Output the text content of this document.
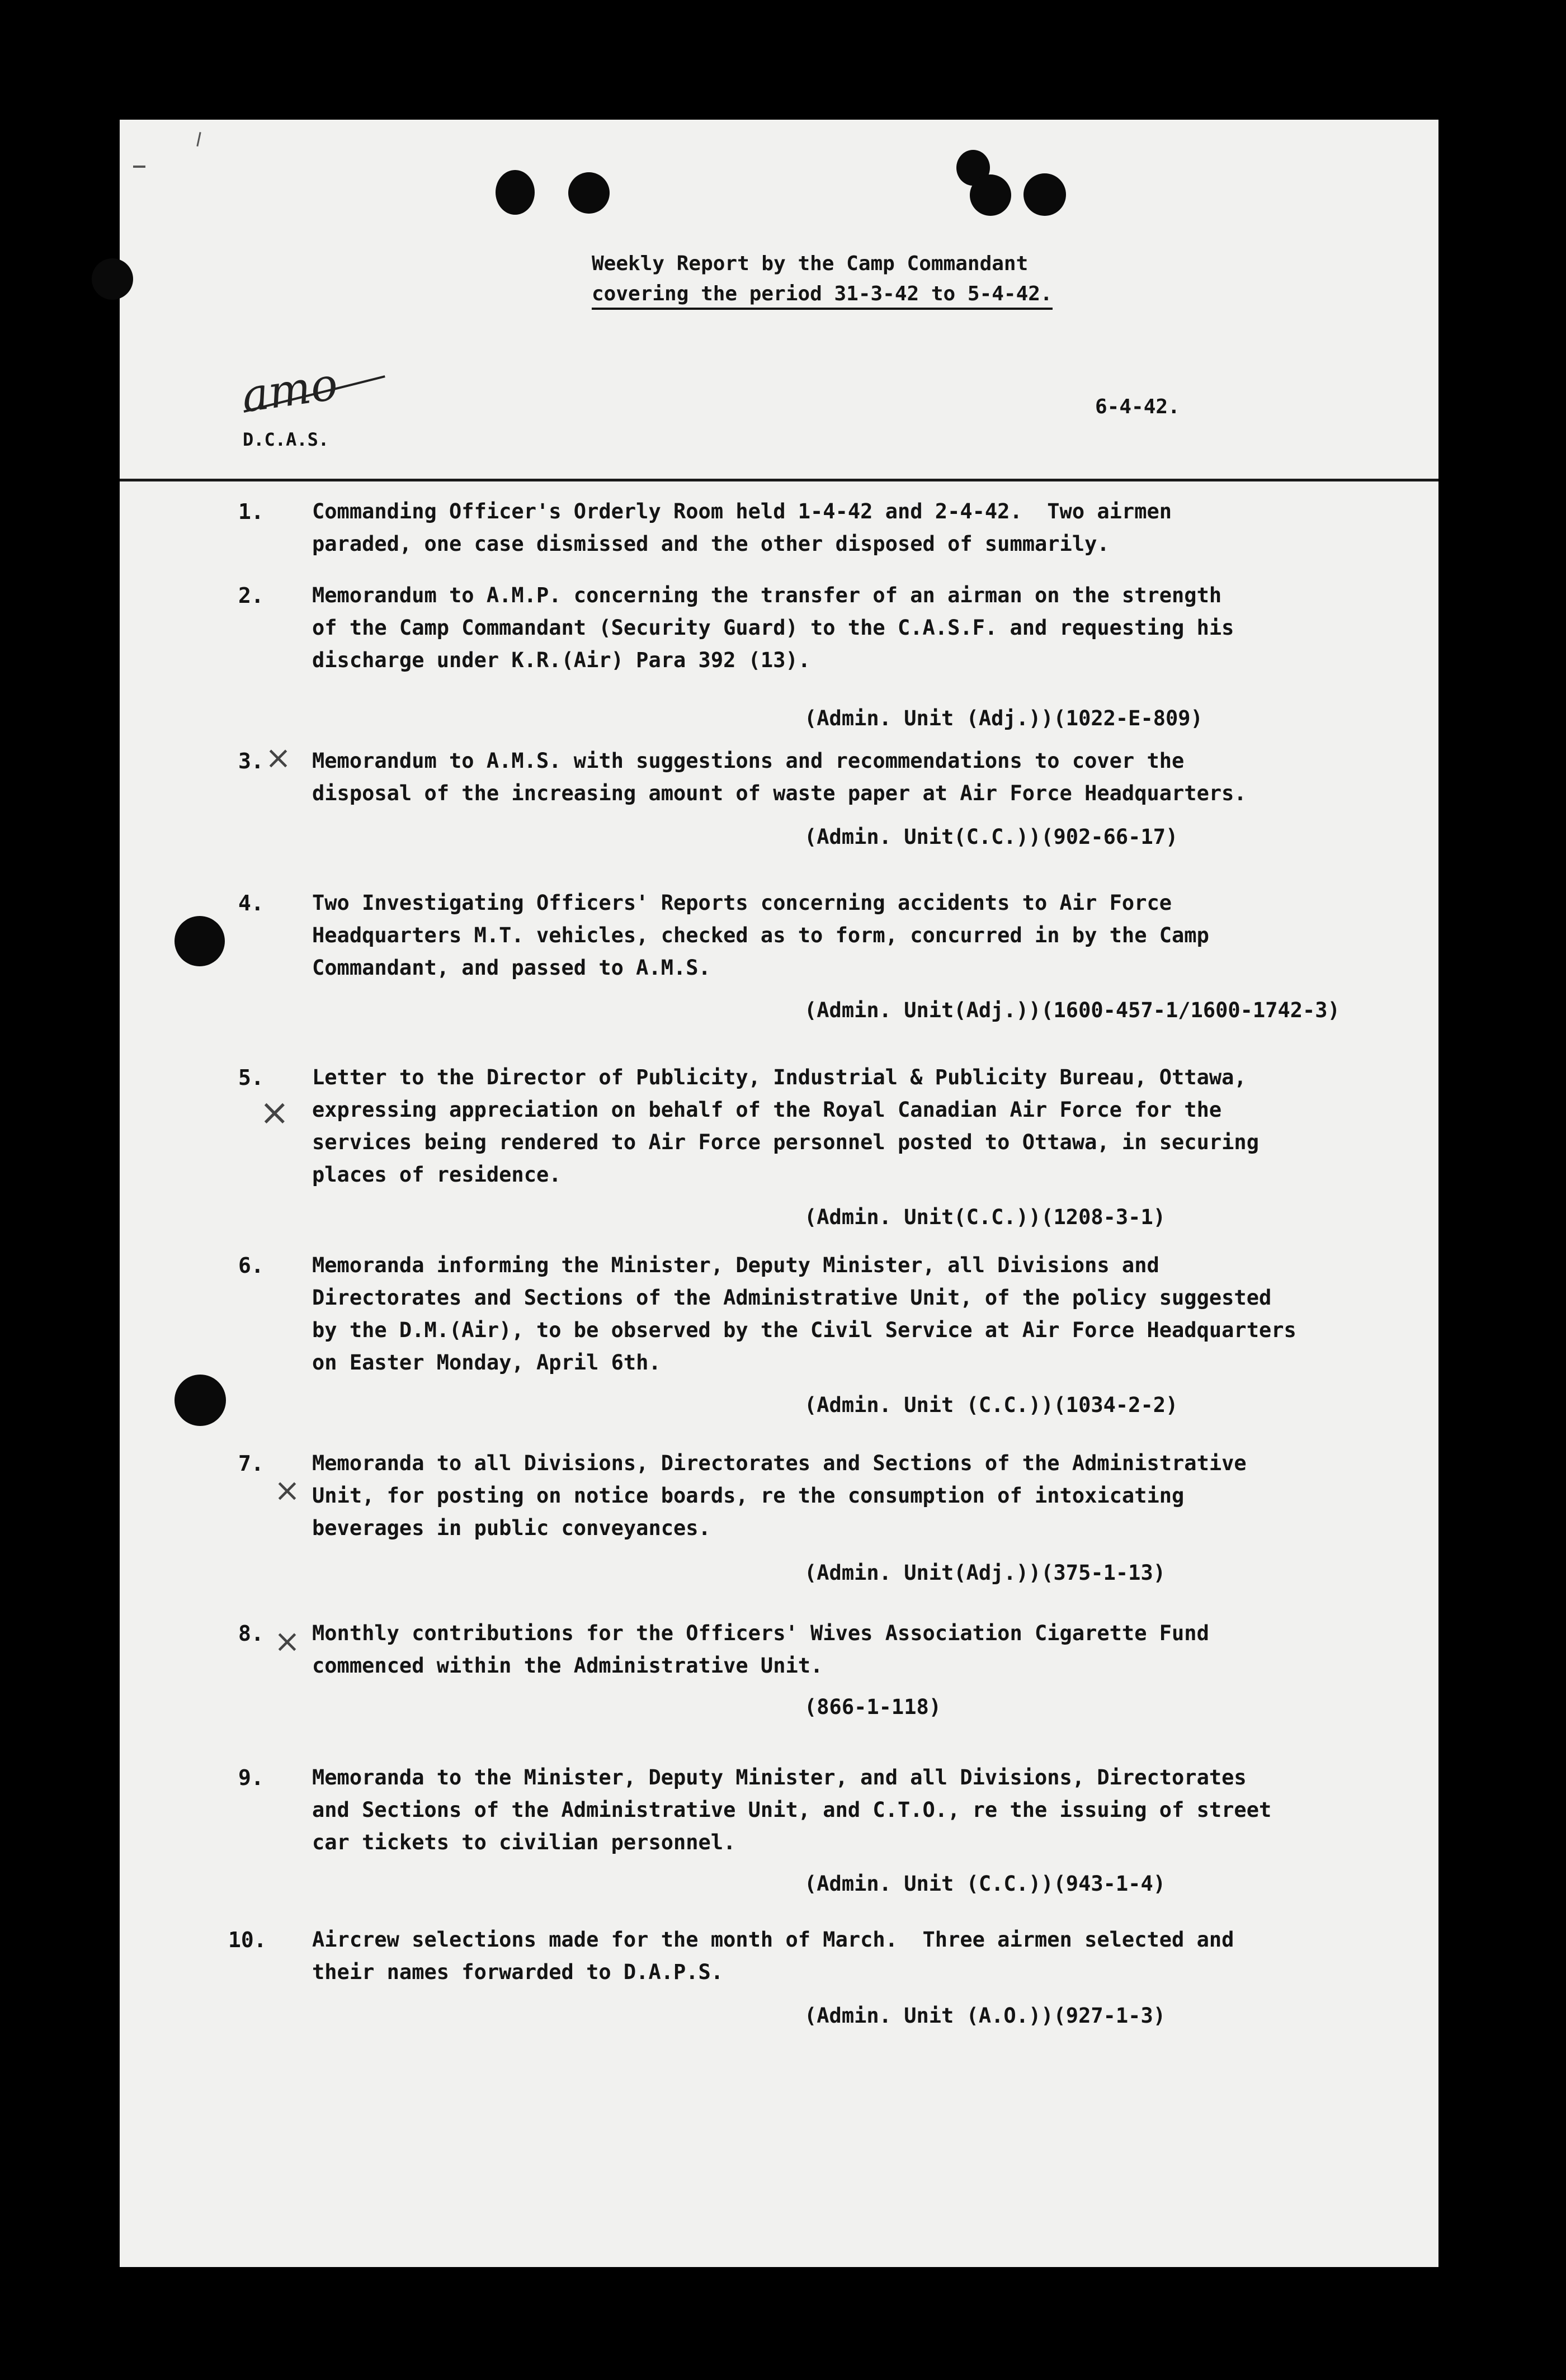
Weekly Report by the Camp Commandant
covering the period 31-3-42 to 5-4-42.
amo
D.C.A.S.
6-4-42.
1. Commanding Officer's Orderly Room held 1-4-42 and 2-4-42.  Two airmen
paraded, one case dismissed and the other disposed of summarily.
2. Memorandum to A.M.P. concerning the transfer of an airman on the strength
of the Camp Commandant (Security Guard) to the C.A.S.F. and requesting his
discharge under K.R.(Air) Para 392 (13).
(Admin. Unit (Adj.))(1022-E-809)
3. × Memorandum to A.M.S. with suggestions and recommendations to cover the
disposal of the increasing amount of waste paper at Air Force Headquarters.
(Admin. Unit(C.C.))(902-66-17)
4. Two Investigating Officers' Reports concerning accidents to Air Force
Headquarters M.T. vehicles, checked as to form, concurred in by the Camp
Commandant, and passed to A.M.S.
(Admin. Unit(Adj.))(1600-457-1/1600-1742-3)
5.
×
Letter to the Director of Publicity, Industrial & Publicity Bureau, Ottawa,
expressing appreciation on behalf of the Royal Canadian Air Force for the
services being rendered to Air Force personnel posted to Ottawa, in securing
places of residence.
(Admin. Unit(C.C.))(1208-3-1)
6. Memoranda informing the Minister, Deputy Minister, all Divisions and
Directorates and Sections of the Administrative Unit, of the policy suggested
by the D.M.(Air), to be observed by the Civil Service at Air Force Headquarters
on Easter Monday, April 6th.
(Admin. Unit (C.C.))(1034-2-2)
7.
×
Memoranda to all Divisions, Directorates and Sections of the Administrative
Unit, for posting on notice boards, re the consumption of intoxicating
beverages in public conveyances.
(Admin. Unit(Adj.))(375-1-13)
8. × Monthly contributions for the Officers' Wives Association Cigarette Fund
commenced within the Administrative Unit.
(866-1-118)
9. Memoranda to the Minister, Deputy Minister, and all Divisions, Directorates
and Sections of the Administrative Unit, and C.T.O., re the issuing of street
car tickets to civilian personnel.
(Admin. Unit (C.C.))(943-1-4)
10. Aircrew selections made for the month of March.  Three airmen selected and
their names forwarded to D.A.P.S.
(Admin. Unit (A.O.))(927-1-3)
